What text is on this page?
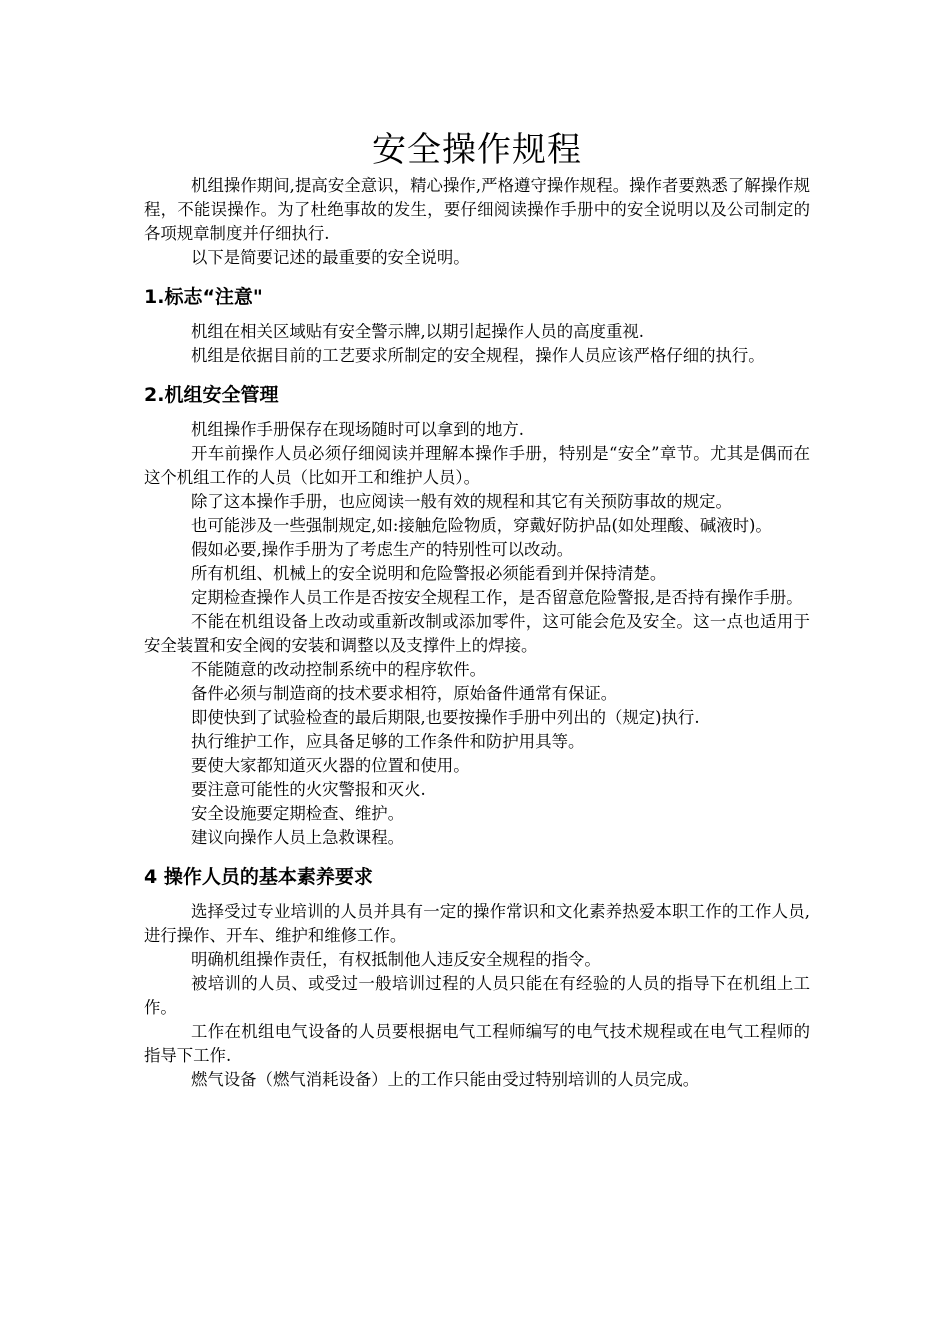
安全操作规程

机组操作期间,提高安全意识，精心操作,严格遵守操作规程。操作者要熟悉了解操作规程，不能误操作。为了杜绝事故的发生，要仔细阅读操作手册中的安全说明以及公司制定的各项规章制度并仔细执行.

以下是简要记述的最重要的安全说明。

1.标志“注意"

机组在相关区域贴有安全警示牌,以期引起操作人员的高度重视.

机组是依据目前的工艺要求所制定的安全规程，操作人员应该严格仔细的执行。

2.机组安全管理

机组操作手册保存在现场随时可以拿到的地方.

开车前操作人员必须仔细阅读并理解本操作手册，特别是“安全”章节。尤其是偶而在这个机组工作的人员（比如开工和维护人员）。

除了这本操作手册，也应阅读一般有效的规程和其它有关预防事故的规定。

也可能涉及一些强制规定,如:接触危险物质，穿戴好防护品(如处理酸、碱液时)。

假如必要,操作手册为了考虑生产的特别性可以改动。

所有机组、机械上的安全说明和危险警报必须能看到并保持清楚。

定期检查操作人员工作是否按安全规程工作，是否留意危险警报,是否持有操作手册。

不能在机组设备上改动或重新改制或添加零件，这可能会危及安全。这一点也适用于安全装置和安全阀的安装和调整以及支撑件上的焊接。

不能随意的改动控制系统中的程序软件。

备件必须与制造商的技术要求相符，原始备件通常有保证。

即使快到了试验检查的最后期限,也要按操作手册中列出的（规定)执行.

执行维护工作，应具备足够的工作条件和防护用具等。

要使大家都知道灭火器的位置和使用。

要注意可能性的火灾警报和灭火.

安全设施要定期检查、维护。

建议向操作人员上急救课程。

4 操作人员的基本素养要求

选择受过专业培训的人员并具有一定的操作常识和文化素养热爱本职工作的工作人员,进行操作、开车、维护和维修工作。

明确机组操作责任，有权抵制他人违反安全规程的指令。

被培训的人员、或受过一般培训过程的人员只能在有经验的人员的指导下在机组上工作。

工作在机组电气设备的人员要根据电气工程师编写的电气技术规程或在电气工程师的指导下工作.

燃气设备（燃气消耗设备）上的工作只能由受过特别培训的人员完成。
